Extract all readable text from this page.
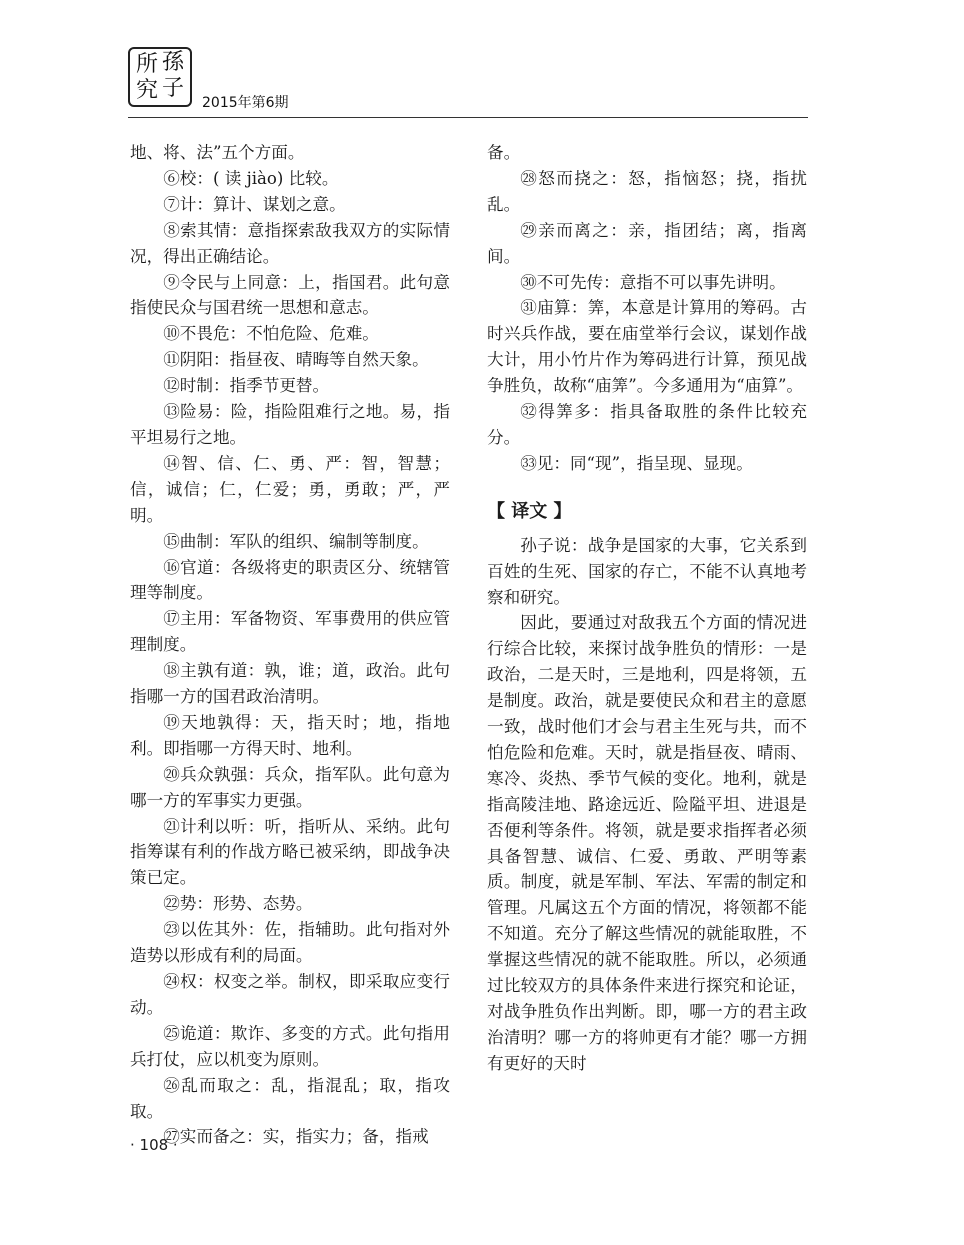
所 孫
究 子
2015年第6期

地、将、法”五个方面。

⑥校：( 读 jiào) 比较。

⑦计：算计、谋划之意。

⑧索其情：意指探索敌我双方的实际情况，得出正确结论。

⑨令民与上同意：上，指国君。此句意指使民众与国君统一思想和意志。

⑩不畏危：不怕危险、危难。

⑪阴阳：指昼夜、晴晦等自然天象。

⑫时制：指季节更替。

⑬险易：险，指险阻难行之地。易，指平坦易行之地。

⑭智、信、仁、勇、严：智，智慧；信，诚信；仁，仁爱；勇，勇敢；严，严明。

⑮曲制：军队的组织、编制等制度。

⑯官道：各级将吏的职责区分、统辖管理等制度。

⑰主用：军备物资、军事费用的供应管理制度。

⑱主孰有道：孰，谁；道，政治。此句指哪一方的国君政治清明。

⑲天地孰得：天，指天时；地，指地利。即指哪一方得天时、地利。

⑳兵众孰强：兵众，指军队。此句意为哪一方的军事实力更强。

㉑计利以听：听，指听从、采纳。此句指筹谋有利的作战方略已被采纳，即战争决策已定。

㉒势：形势、态势。

㉓以佐其外：佐，指辅助。此句指对外造势以形成有利的局面。

㉔权：权变之举。制权，即采取应变行动。

㉕诡道：欺诈、多变的方式。此句指用兵打仗，应以机变为原则。

㉖乱而取之：乱，指混乱；取，指攻取。

㉗实而备之：实，指实力；备，指戒

备。

㉘怒而挠之：怒，指恼怒；挠，指扰乱。

㉙亲而离之：亲，指团结；离，指离间。

㉚不可先传：意指不可以事先讲明。

㉛庙算：筭，本意是计算用的筹码。古时兴兵作战，要在庙堂举行会议，谋划作战大计，用小竹片作为筹码进行计算，预见战争胜负，故称“庙筭”。今多通用为“庙算”。

㉜得筭多：指具备取胜的条件比较充分。

㉝见：同“现”，指呈现、显现。

【 译文 】

孙子说：战争是国家的大事，它关系到百姓的生死、国家的存亡，不能不认真地考察和研究。

因此，要通过对敌我五个方面的情况进行综合比较，来探讨战争胜负的情形：一是政治，二是天时，三是地利，四是将领，五是制度。政治，就是要使民众和君主的意愿一致，战时他们才会与君主生死与共，而不怕危险和危难。天时，就是指昼夜、晴雨、寒冷、炎热、季节气候的变化。地利，就是指高陵洼地、路途远近、险隘平坦、进退是否便利等条件。将领，就是要求指挥者必须具备智慧、诚信、仁爱、勇敢、严明等素质。制度，就是军制、军法、军需的制定和管理。凡属这五个方面的情况，将领都不能不知道。充分了解这些情况的就能取胜，不掌握这些情况的就不能取胜。所以，必须通过比较双方的具体条件来进行探究和论证，对战争胜负作出判断。即，哪一方的君主政治清明？哪一方的将帅更有才能？哪一方拥有更好的天时

· 108 ·
